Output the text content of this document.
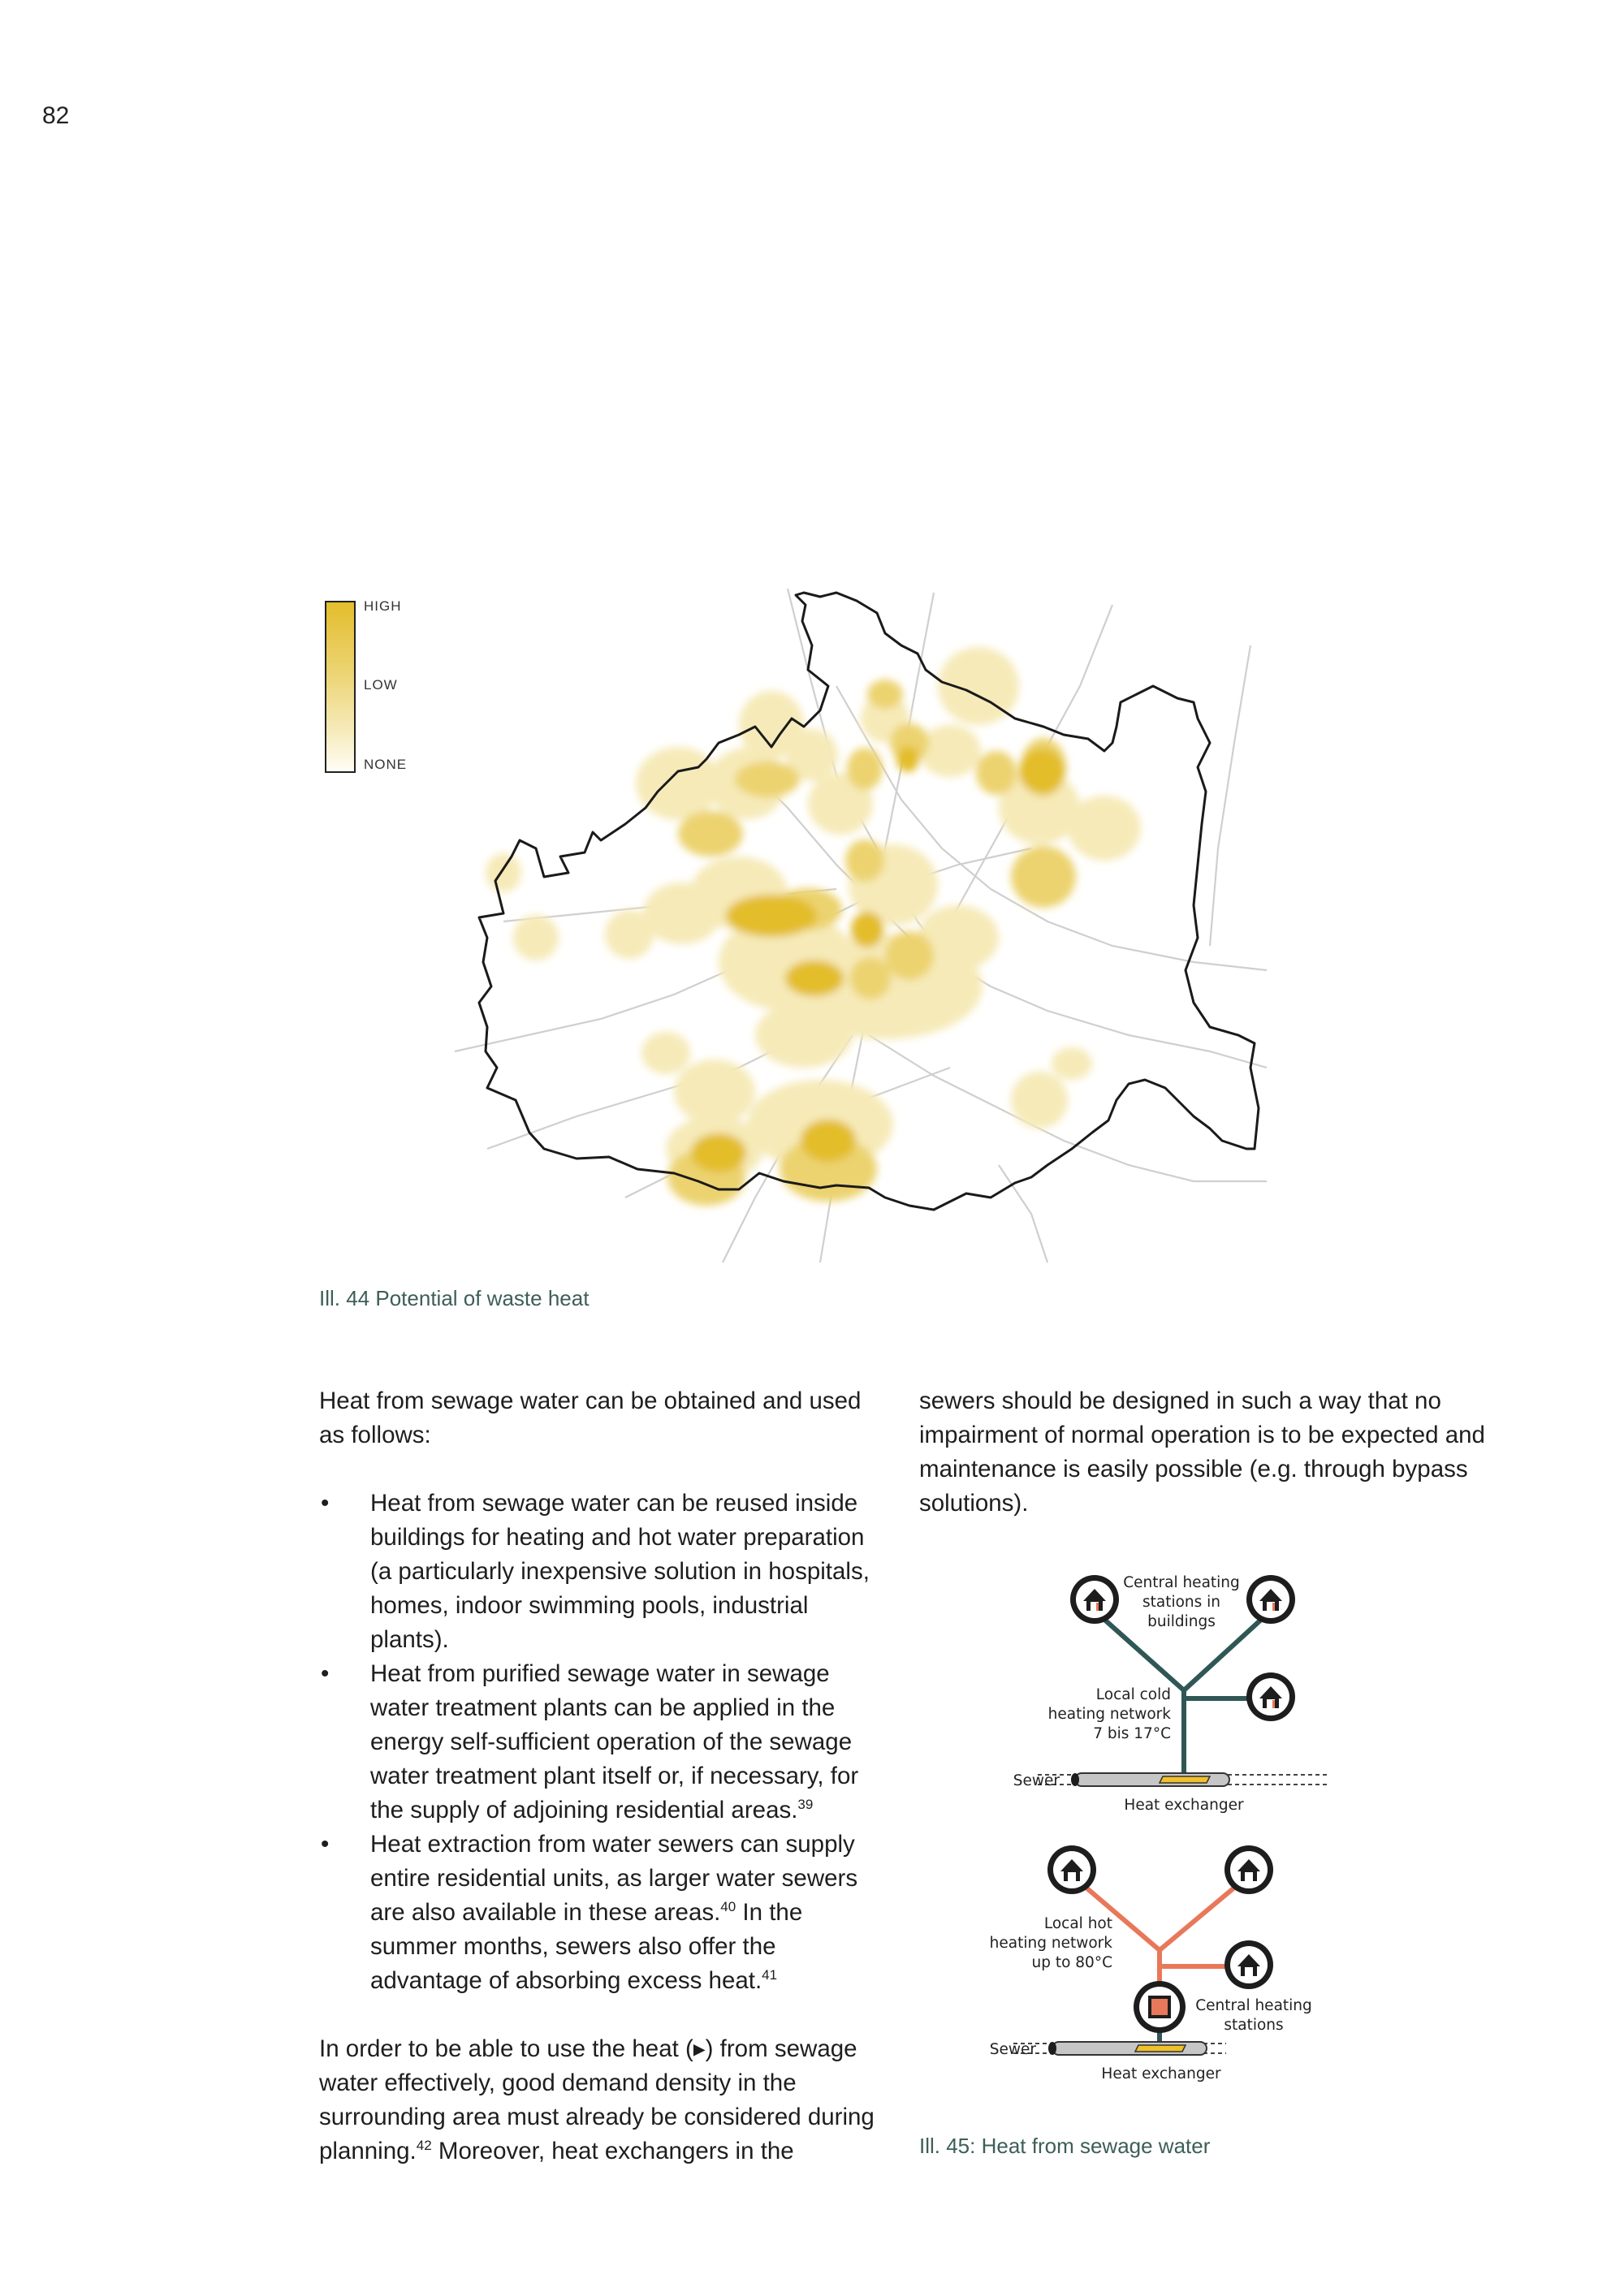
82
HIGH
LOW
NONE
Ill. 44 Potential of waste heat

Heat from sewage water can be obtained and used as follows:

• Heat from sewage water can be reused inside buildings for heating and hot water preparation (a particularly inexpensive solution in hospitals, homes, indoor swimming pools, industrial plants).
• Heat from purified sewage water in sewage water treatment plants can be applied in the energy self-sufficient operation of the sewage water treatment plant itself or, if necessary, for the supply of adjoining residential areas.$^{39}$
• Heat extraction from water sewers can supply entire residential units, as larger water sewers are also available in these areas.$^{40}$ In the summer months, sewers also offer the advantage of absorbing excess heat.$^{41}$

In order to be able to use the heat (▸) from sewage water effectively, good demand density in the surrounding area must already be considered during planning.$^{42}$ Moreover, heat exchangers in the

sewers should be designed in such a way that no impairment of normal operation is to be expected and maintenance is easily possible (e.g. through bypass solutions).

Central heating
stations in
buildings
Local cold
heating network
7 bis 17°C
Sewer
Heat exchanger
Local hot
heating network
up to 80°C
Central heating
stations
Sewer
Heat exchanger
Ill. 45: Heat from sewage water
